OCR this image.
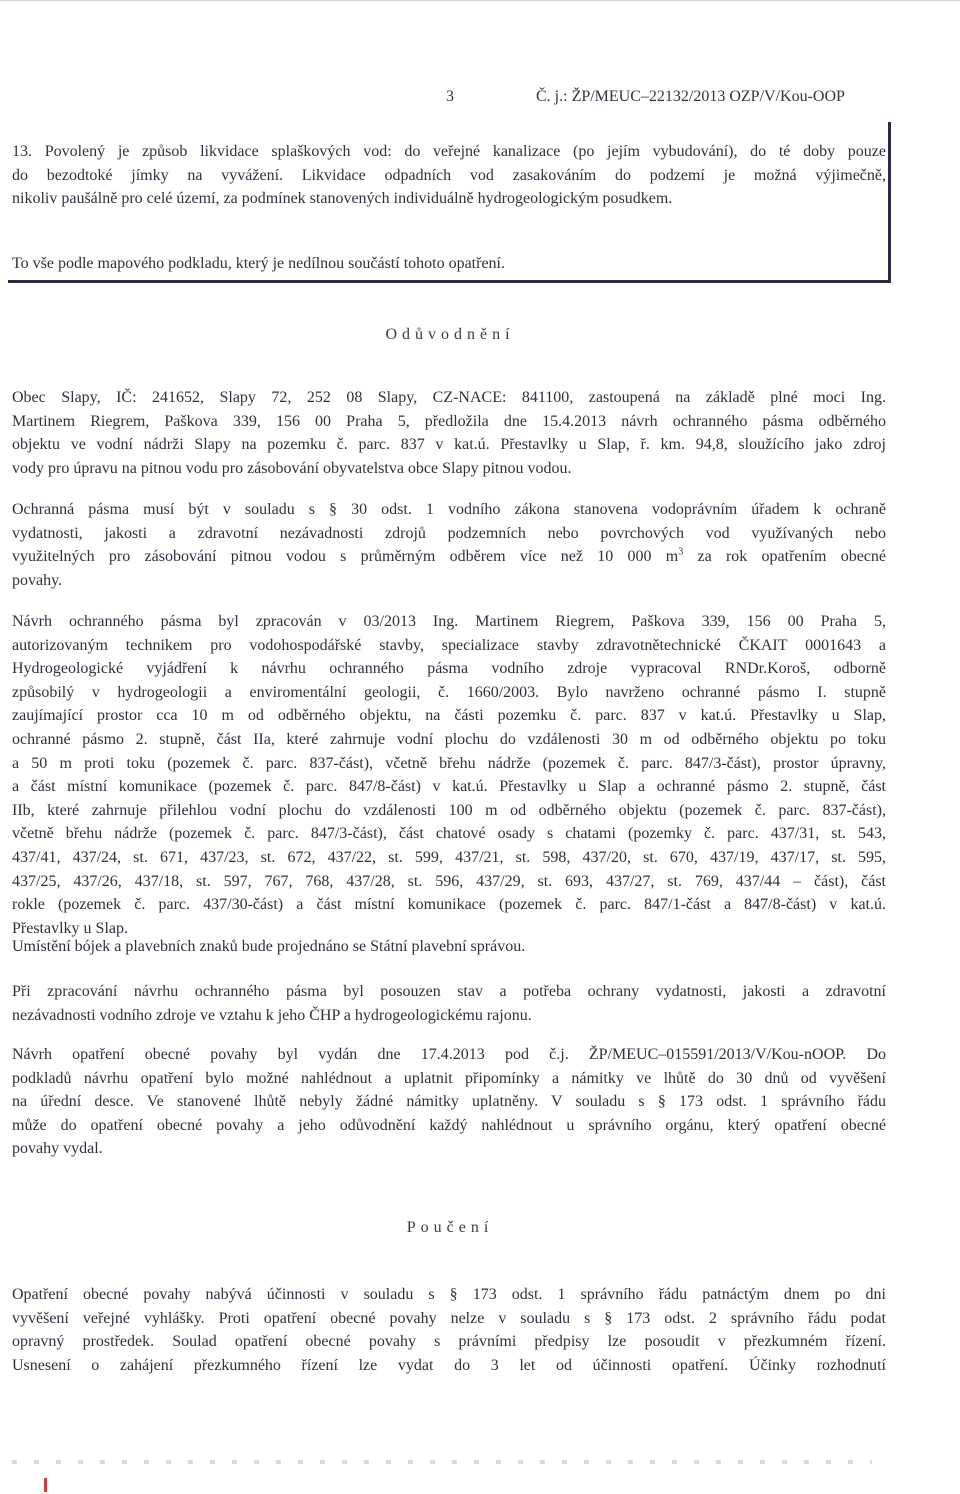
3	Č. j.: ŽP/MEUC–22132/2013 OZP/V/Kou-OOP
13. Povolený je způsob likvidace splaškových vod: do veřejné kanalizace (po jejím vybudování), do té doby pouze
do bezodtoké jímky na vyvážení. Likvidace odpadních vod zasakováním do podzemí je možná výjimečně,
nikoliv paušálně pro celé území, za podmínek stanovených individuálně hydrogeologickým posudkem.
To vše podle mapového podkladu, který je nedílnou součástí tohoto opatření.
Odůvodnění
Obec Slapy, IČ: 241652, Slapy 72, 252 08 Slapy, CZ-NACE: 841100, zastoupená na základě plné moci Ing.
Martinem Riegrem, Paškova 339, 156 00 Praha 5, předložila dne 15.4.2013 návrh ochranného pásma odběrného
objektu ve vodní nádrži Slapy na pozemku č. parc. 837 v kat.ú. Přestavlky u Slap, ř. km. 94,8, sloužícího jako zdroj
vody pro úpravu na pitnou vodu pro zásobování obyvatelstva obce Slapy pitnou vodou.
Ochranná pásma musí být v souladu s § 30 odst. 1 vodního zákona stanovena vodoprávním úřadem k ochraně
vydatnosti, jakosti a zdravotní nezávadnosti zdrojů podzemních nebo povrchových vod využívaných nebo
využitelných pro zásobování pitnou vodou s průměrným odběrem více než 10 000 $m^3$ za rok opatřením obecné
povahy.
Návrh ochranného pásma byl zpracován v 03/2013 Ing. Martinem Riegrem, Paškova 339, 156 00 Praha 5,
autorizovaným technikem pro vodohospodářské stavby, specializace stavby zdravotnětechnické ČKAIT 0001643 a
Hydrogeologické vyjádření k návrhu ochranného pásma vodního zdroje vypracoval RNDr.Koroš, odborně
způsobilý v hydrogeologii a enviromentální geologii, č. 1660/2003. Bylo navrženo ochranné pásmo I. stupně
zaujímající prostor cca 10 m od odběrného objektu, na části pozemku č. parc. 837 v kat.ú. Přestavlky u Slap,
ochranné pásmo 2. stupně, část IIa, které zahrnuje vodní plochu do vzdálenosti 30 m od odběrného objektu po toku
a 50 m proti toku (pozemek č. parc. 837-část), včetně břehu nádrže (pozemek č. parc. 847/3-část), prostor úpravny,
a část místní komunikace (pozemek č. parc. 847/8-část) v kat.ú. Přestavlky u Slap a ochranné pásmo 2. stupně, část
IIb, které zahrnuje přilehlou vodní plochu do vzdálenosti 100 m od odběrného objektu (pozemek č. parc. 837-část),
včetně břehu nádrže (pozemek č. parc. 847/3-část), část chatové osady s chatami (pozemky č. parc. 437/31, st. 543,
437/41, 437/24, st. 671, 437/23, st. 672, 437/22, st. 599, 437/21, st. 598, 437/20, st. 670, 437/19, 437/17, st. 595,
437/25, 437/26, 437/18, st. 597, 767, 768, 437/28, st. 596, 437/29, st. 693, 437/27, st. 769, 437/44 – část), část
rokle (pozemek č. parc. 437/30-část) a část místní komunikace (pozemek č. parc. 847/1-část a 847/8-část) v kat.ú.
Přestavlky u Slap.
Umístění bójek a plavebních znaků bude projednáno se Státní plavební správou.
Při zpracování návrhu ochranného pásma byl posouzen stav a potřeba ochrany vydatnosti, jakosti a zdravotní
nezávadnosti vodního zdroje ve vztahu k jeho ČHP a hydrogeologickému rajonu.
Návrh opatření obecné povahy byl vydán dne 17.4.2013 pod č.j. ŽP/MEUC–015591/2013/V/Kou-nOOP. Do
podkladů návrhu opatření bylo možné nahlédnout a uplatnit připomínky a námitky ve lhůtě do 30 dnů od vyvěšení
na úřední desce. Ve stanovené lhůtě nebyly žádné námitky uplatněny. V souladu s § 173 odst. 1 správního řádu
může do opatření obecné povahy a jeho odůvodnění každý nahlédnout u správního orgánu, který opatření obecné
povahy vydal.
Poučení
Opatření obecné povahy nabývá účinnosti v souladu s § 173 odst. 1 správního řádu patnáctým dnem po dni
vyvěšení veřejné vyhlášky. Proti opatření obecné povahy nelze v souladu s § 173 odst. 2 správního řádu podat
opravný prostředek. Soulad opatření obecné povahy s právními předpisy lze posoudit v přezkumném řízení.
Usnesení o zahájení přezkumného řízení lze vydat do 3 let od účinnosti opatření. Účinky rozhodnutí
